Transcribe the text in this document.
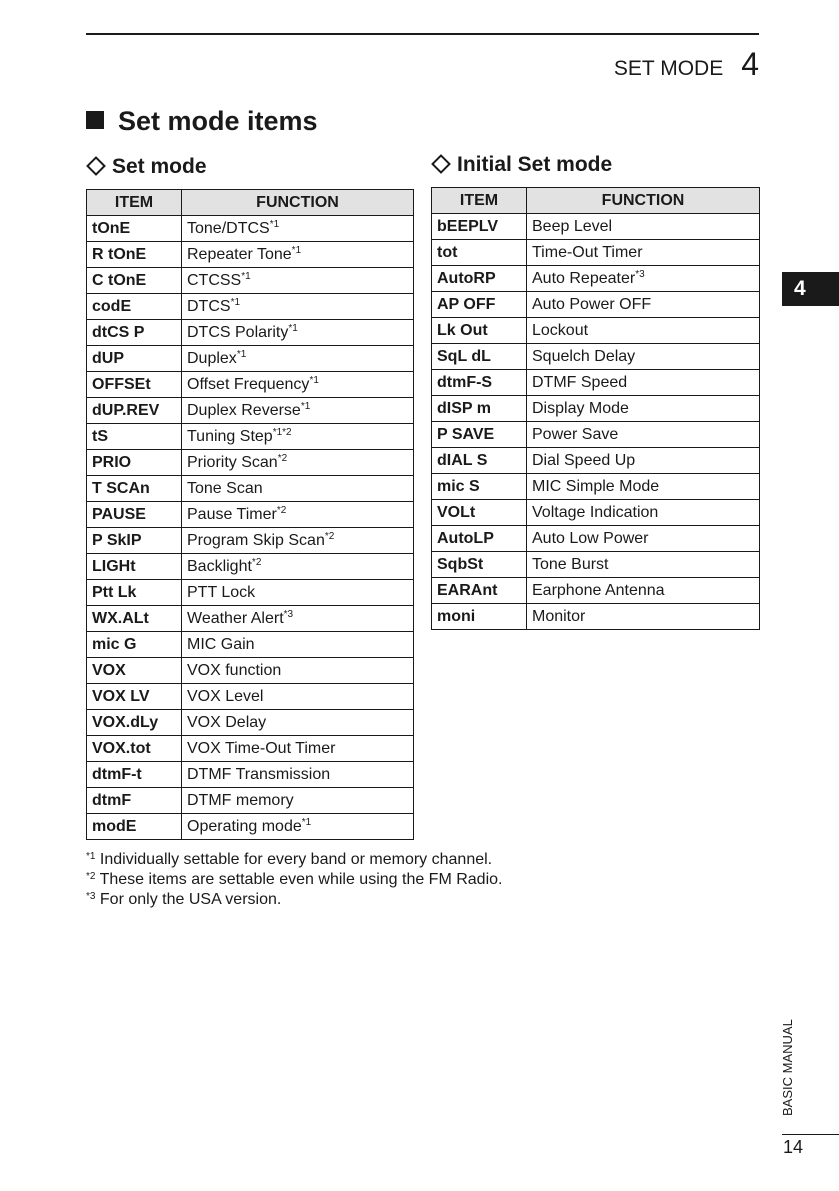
SET MODE 4
Set mode items
Set mode	Initial Set mode
ITEM	FUNCTION
tOnE	Tone/DTCS$^{*1}$
R tOnE	Repeater Tone$^{*1}$
C tOnE	CTCSS$^{*1}$
codE	DTCS$^{*1}$
dtCS P	DTCS Polarity$^{*1}$
dUP	Duplex$^{*1}$
OFFSEt	Offset Frequency$^{*1}$
dUP.REV	Duplex Reverse$^{*1}$
tS	Tuning Step$^{*1*2}$
PRIO	Priority Scan$^{*2}$
T SCAn	Tone Scan
PAUSE	Pause Timer$^{*2}$
P SkIP	Program Skip Scan$^{*2}$
LIGHt	Backlight$^{*2}$
Ptt Lk	PTT Lock
WX.ALt	Weather Alert$^{*3}$
mic G	MIC Gain
VOX	VOX function
VOX LV	VOX Level
VOX.dLy	VOX Delay
VOX.tot	VOX Time-Out Timer
dtmF-t	DTMF Transmission
dtmF	DTMF memory
modE	Operating mode$^{*1}$
ITEM	FUNCTION
bEEPLV	Beep Level
tot	Time-Out Timer
AutoRP	Auto Repeater$^{*3}$
AP OFF	Auto Power OFF
Lk Out	Lockout
SqL dL	Squelch Delay
dtmF-S	DTMF Speed
dISP m	Display Mode
P SAVE	Power Save
dIAL S	Dial Speed Up
mic S	MIC Simple Mode
VOLt	Voltage Indication
AutoLP	Auto Low Power
SqbSt	Tone Burst
EARAnt	Earphone Antenna
moni	Monitor
$^{*1}$ Individually settable for every band or memory channel.
$^{*2}$ These items are settable even while using the FM Radio.
$^{*3}$ For only the USA version.
4
BASIC MANUAL
14
